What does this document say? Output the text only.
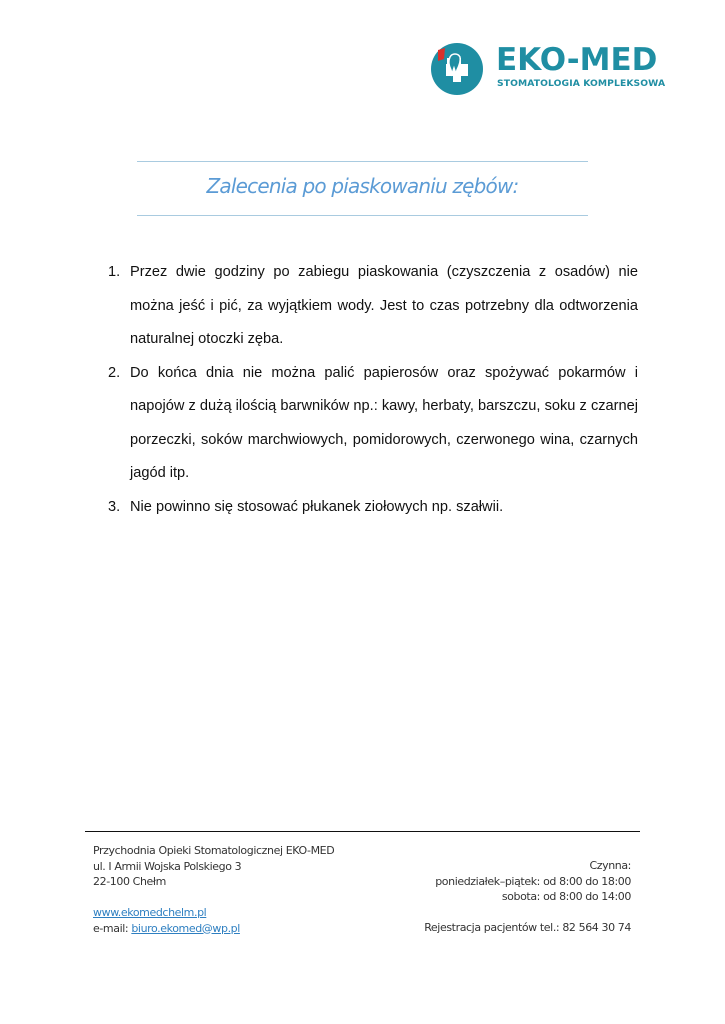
EKO-MED
STOMATOLOGIA KOMPLEKSOWA
Zalecenia po piaskowaniu zębów:
1. Przez dwie godziny po zabiegu piaskowania (czyszczenia z osadów) nie można jeść i pić, za wyjątkiem wody. Jest to czas potrzebny dla odtworzenia naturalnej otoczki zęba.
2. Do końca dnia nie można palić papierosów oraz spożywać pokarmów i napojów z dużą ilością barwników np.: kawy, herbaty, barszczu, soku z czarnej porzeczki, soków marchwiowych, pomidorowych, czerwonego wina, czarnych jagód itp.
3. Nie powinno się stosować płukanek ziołowych np. szałwii.
Przychodnia Opieki Stomatologicznej EKO-MED
ul. I Armii Wojska Polskiego 3
22-100 Chełm
www.ekomedchelm.pl
e-mail: biuro.ekomed@wp.pl
Czynna:
poniedziałek–piątek: od 8:00 do 18:00
sobota: od 8:00 do 14:00
Rejestracja pacjentów tel.: 82 564 30 74
